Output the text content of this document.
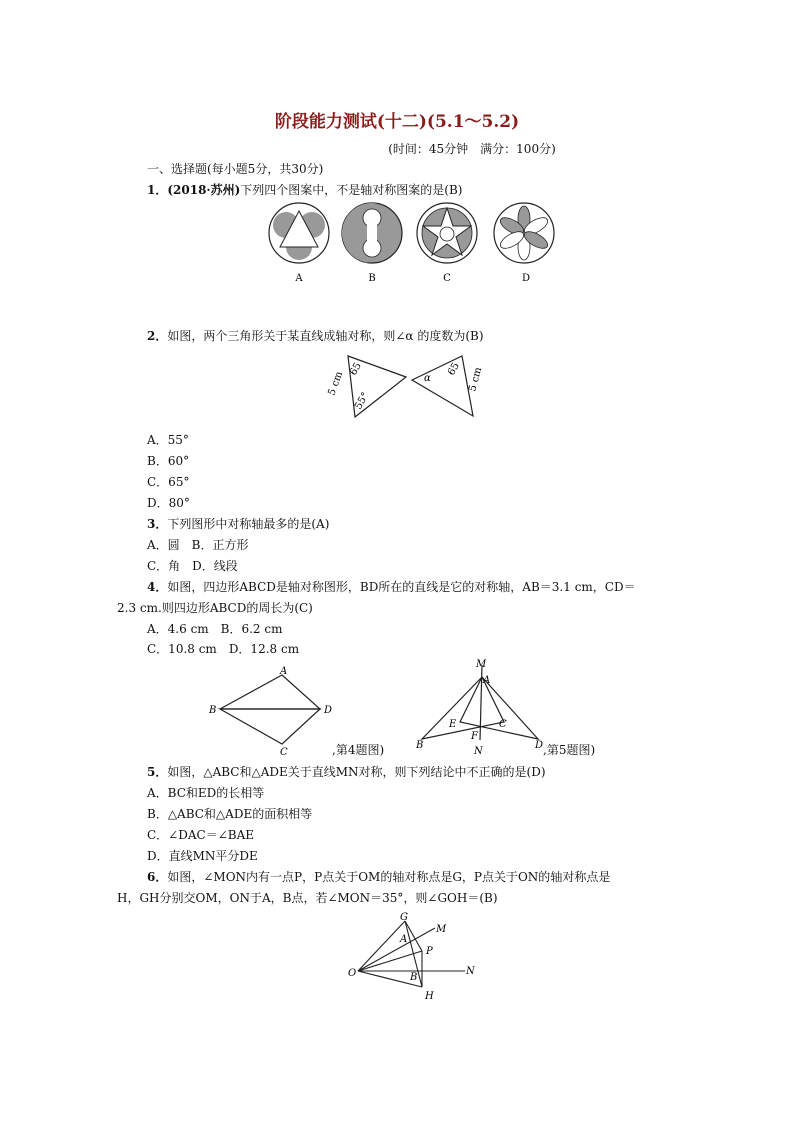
阶段能力测试(十二)(5.1～5.2)
(时间：45分钟　满分：100分)
一、选择题(每小题5分，共30分)
1．(2018·苏州)下列四个图案中，不是轴对称图案的是(B)
A	B	C	D
2．如图，两个三角形关于某直线成轴对称，则∠α 的度数为(B)
5 cm
65
55°
α
65 5 cm
A．55°
B．60°
C．65°
D．80°
3．下列图形中对称轴最多的是(A)
A．圆　B．正方形
C．角　D．线段
4．如图，四边形ABCD是轴对称图形，BD所在的直线是它的对称轴，AB＝3.1 cm，CD＝
2.3 cm.则四边形ABCD的周长为(C)
A．4.6 cm　B．6.2 cm
C．10.8 cm　D．12.8 cm
A
B
C
D
,第4题图)
M
A
E	C
F
B
N
D ,第5题图)
5．如图，△ABC和△ADE关于直线MN对称，则下列结论中不正确的是(D)
A．BC和ED的长相等
B．△ABC和△ADE的面积相等
C．∠DAC＝∠BAE
D．直线MN平分DE
6．如图，∠MON内有一点P，P点关于OM的轴对称点是G，P点关于ON的轴对称点是
H，GH分别交OM，ON于A，B点，若∠MON＝35°，则∠GOH＝(B)
G
A
M
P
O	N
B
H
